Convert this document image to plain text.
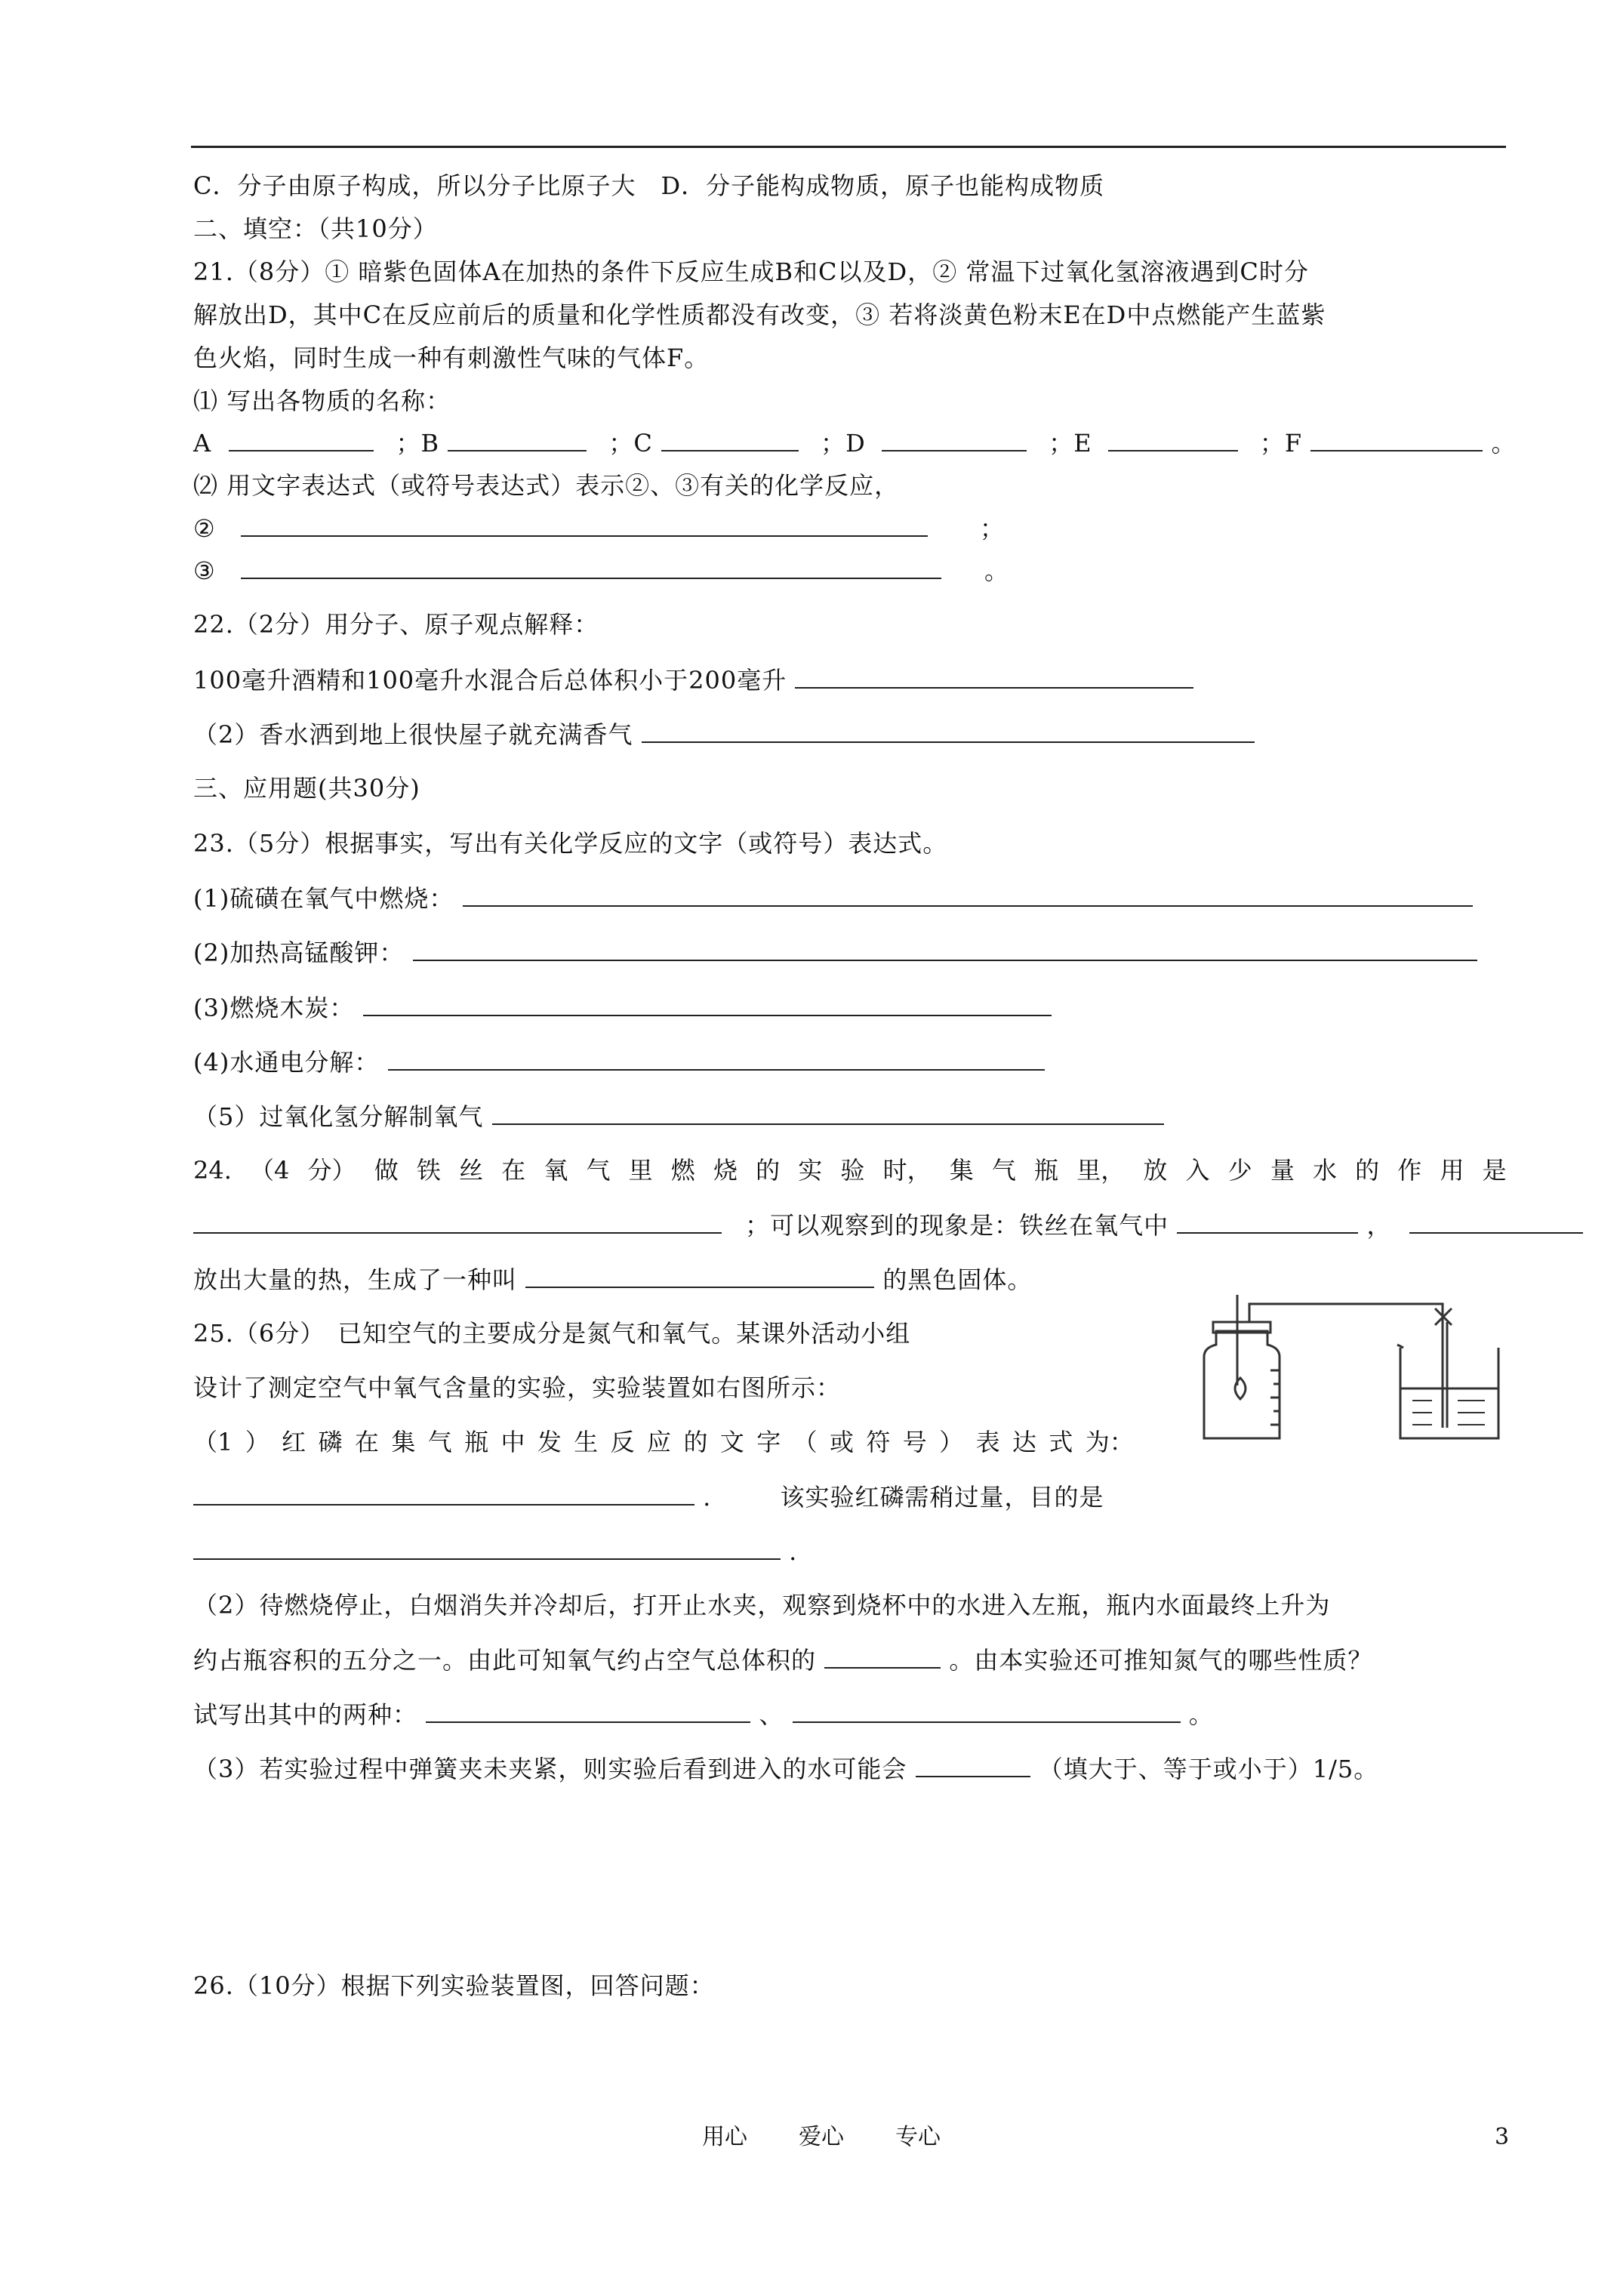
C．分子由原子构成，所以分子比原子大　D．分子能构成物质，原子也能构成物质
二、填空：（共10分）
21.（8分）① 暗紫色固体A在加热的条件下反应生成B和C以及D，② 常温下过氧化氢溶液遇到C时分
解放出D，其中C在反应前后的质量和化学性质都没有改变，③ 若将淡黄色粉末E在D中点燃能产生蓝紫
色火焰，同时生成一种有刺激性气味的气体F。
⑴ 写出各物质的名称：
A	；B	；C	；D	；E	；F	。
⑵ 用文字表达式（或符号表达式）表示②、③有关的化学反应，
②	；
③	。
22.（2分）用分子、原子观点解释：
100毫升酒精和100毫升水混合后总体积小于200毫升
（2）香水洒到地上很快屋子就充满香气
三、应用题(共30分)
23.（5分）根据事实，写出有关化学反应的文字（或符号）表达式。
(1)硫磺在氧气中燃烧：
(2)加热高锰酸钾：
(3)燃烧木炭：
(4)水通电分解：
（5）过氧化氢分解制氧气
24. （4 分） 做 铁 丝 在 氧 气 里 燃 烧 的 实 验 时， 集 气 瓶 里， 放 入 少 量 水 的 作 用 是
；可以观察到的现象是：铁丝在氧气中	，
放出大量的热，生成了一种叫	的黑色固体。
25.（6分）　已知空气的主要成分是氮气和氧气。某课外活动小组
设计了测定空气中氧气含量的实验，实验装置如右图所示：
（1 ） 红 磷 在 集 气 瓶 中 发 生 反 应 的 文 字 （ 或 符 号 ） 表 达 式 为：
.	该实验红磷需稍过量，目的是
.
（2）待燃烧停止，白烟消失并冷却后，打开止水夹，观察到烧杯中的水进入左瓶，瓶内水面最终上升为
约占瓶容积的五分之一。由此可知氧气约占空气总体积的	。由本实验还可推知氮气的哪些性质？
试写出其中的两种：	、	。
（3）若实验过程中弹簧夹未夹紧，则实验后看到进入的水可能会	（填大于、等于或小于）1/5。
26.（10分）根据下列实验装置图，回答问题：
用心 爱心 专心	3
